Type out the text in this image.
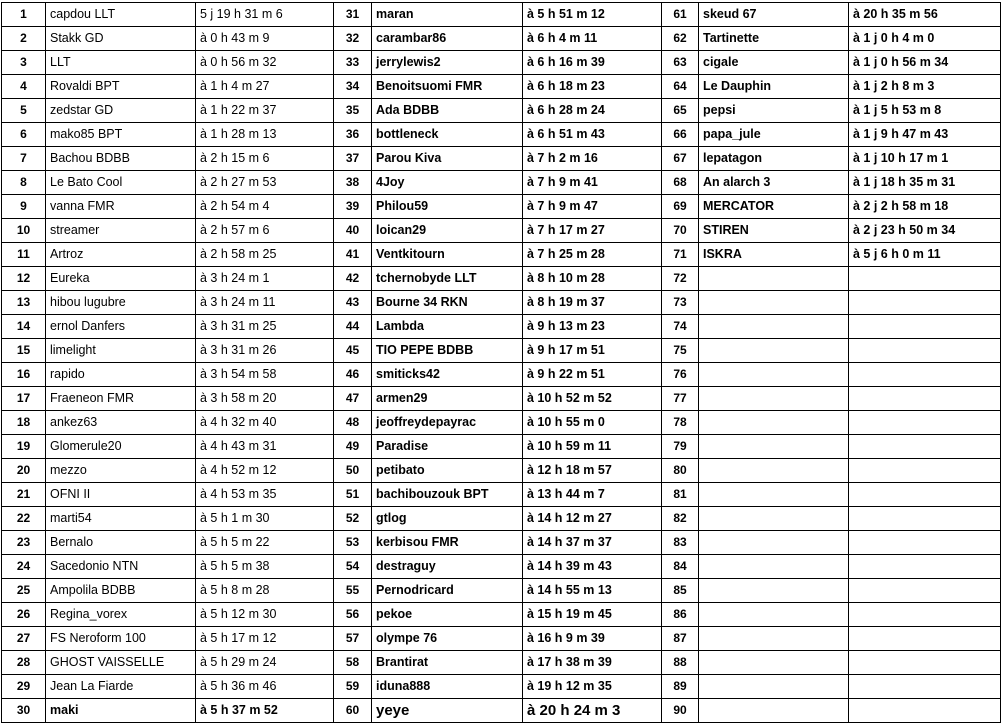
1	capdou LLT	5 j 19 h 31 m 6	31	maran	à 5 h 51 m 12	61	skeud 67	à 20 h 35 m 56
2	Stakk GD	à 0 h 43 m 9	32	carambar86	à 6 h 4 m 11	62	Tartinette	à 1 j 0 h 4 m 0
3	LLT	à 0 h 56 m 32	33	jerrylewis2	à 6 h 16 m 39	63	cigale	à 1 j 0 h 56 m 34
4	Rovaldi BPT	à 1 h 4 m 27	34	Benoitsuomi FMR	à 6 h 18 m 23	64	Le Dauphin	à 1 j 2 h 8 m 3
5	zedstar GD	à 1 h 22 m 37	35	Ada BDBB	à 6 h 28 m 24	65	pepsi	à 1 j 5 h 53 m 8
6	mako85 BPT	à 1 h 28 m 13	36	bottleneck	à 6 h 51 m 43	66	papa_jule	à 1 j 9 h 47 m 43
7	Bachou BDBB	à 2 h 15 m 6	37	Parou Kiva	à 7 h 2 m 16	67	lepatagon	à 1 j 10 h 17 m 1
8	Le Bato Cool	à 2 h 27 m 53	38	4Joy	à 7 h 9 m 41	68	An alarch 3	à 1 j 18 h 35 m 31
9	vanna FMR	à 2 h 54 m 4	39	Philou59	à 7 h 9 m 47	69	MERCATOR	à 2 j 2 h 58 m 18
10	streamer	à 2 h 57 m 6	40	loican29	à 7 h 17 m 27	70	STIREN	à 2 j 23 h 50 m 34
11	Artroz	à 2 h 58 m 25	41	Ventkitourn	à 7 h 25 m 28	71	ISKRA	à 5 j 6 h 0 m 11
12	Eureka	à 3 h 24 m 1	42	tchernobyde LLT	à 8 h 10 m 28	72		
13	hibou lugubre	à 3 h 24 m 11	43	Bourne 34 RKN	à 8 h 19 m 37	73		
14	ernol Danfers	à 3 h 31 m 25	44	Lambda	à 9 h 13 m 23	74		
15	limelight	à 3 h 31 m 26	45	TIO PEPE BDBB	à 9 h 17 m 51	75		
16	rapido	à 3 h 54 m 58	46	smiticks42	à 9 h 22 m 51	76		
17	Fraeneon FMR	à 3 h 58 m 20	47	armen29	à 10 h 52 m 52	77		
18	ankez63	à 4 h 32 m 40	48	jeoffreydepayrac	à 10 h 55 m 0	78		
19	Glomerule20	à 4 h 43 m 31	49	Paradise	à 10 h 59 m 11	79		
20	mezzo	à 4 h 52 m 12	50	petibato	à 12 h 18 m 57	80		
21	OFNI II	à 4 h 53 m 35	51	bachibouzouk BPT	à 13 h 44 m 7	81		
22	marti54	à 5 h 1 m 30	52	gtlog	à 14 h 12 m 27	82		
23	Bernalo	à 5 h 5 m 22	53	kerbisou FMR	à 14 h 37 m 37	83		
24	Sacedonio NTN	à 5 h 5 m 38	54	destraguy	à 14 h 39 m 43	84		
25	Ampolila BDBB	à 5 h 8 m 28	55	Pernodricard	à 14 h 55 m 13	85		
26	Regina_vorex	à 5 h 12 m 30	56	pekoe	à 15 h 19 m 45	86		
27	FS Neroform 100	à 5 h 17 m 12	57	olympe 76	à 16 h 9 m 39	87		
28	GHOST VAISSELLE	à 5 h 29 m 24	58	Brantirat	à 17 h 38 m 39	88		
29	Jean La Fiarde	à 5 h 36 m 46	59	iduna888	à 19 h 12 m 35	89		
30	maki	à 5 h 37 m 52	60	yeye	à 20 h 24 m 3	90		
